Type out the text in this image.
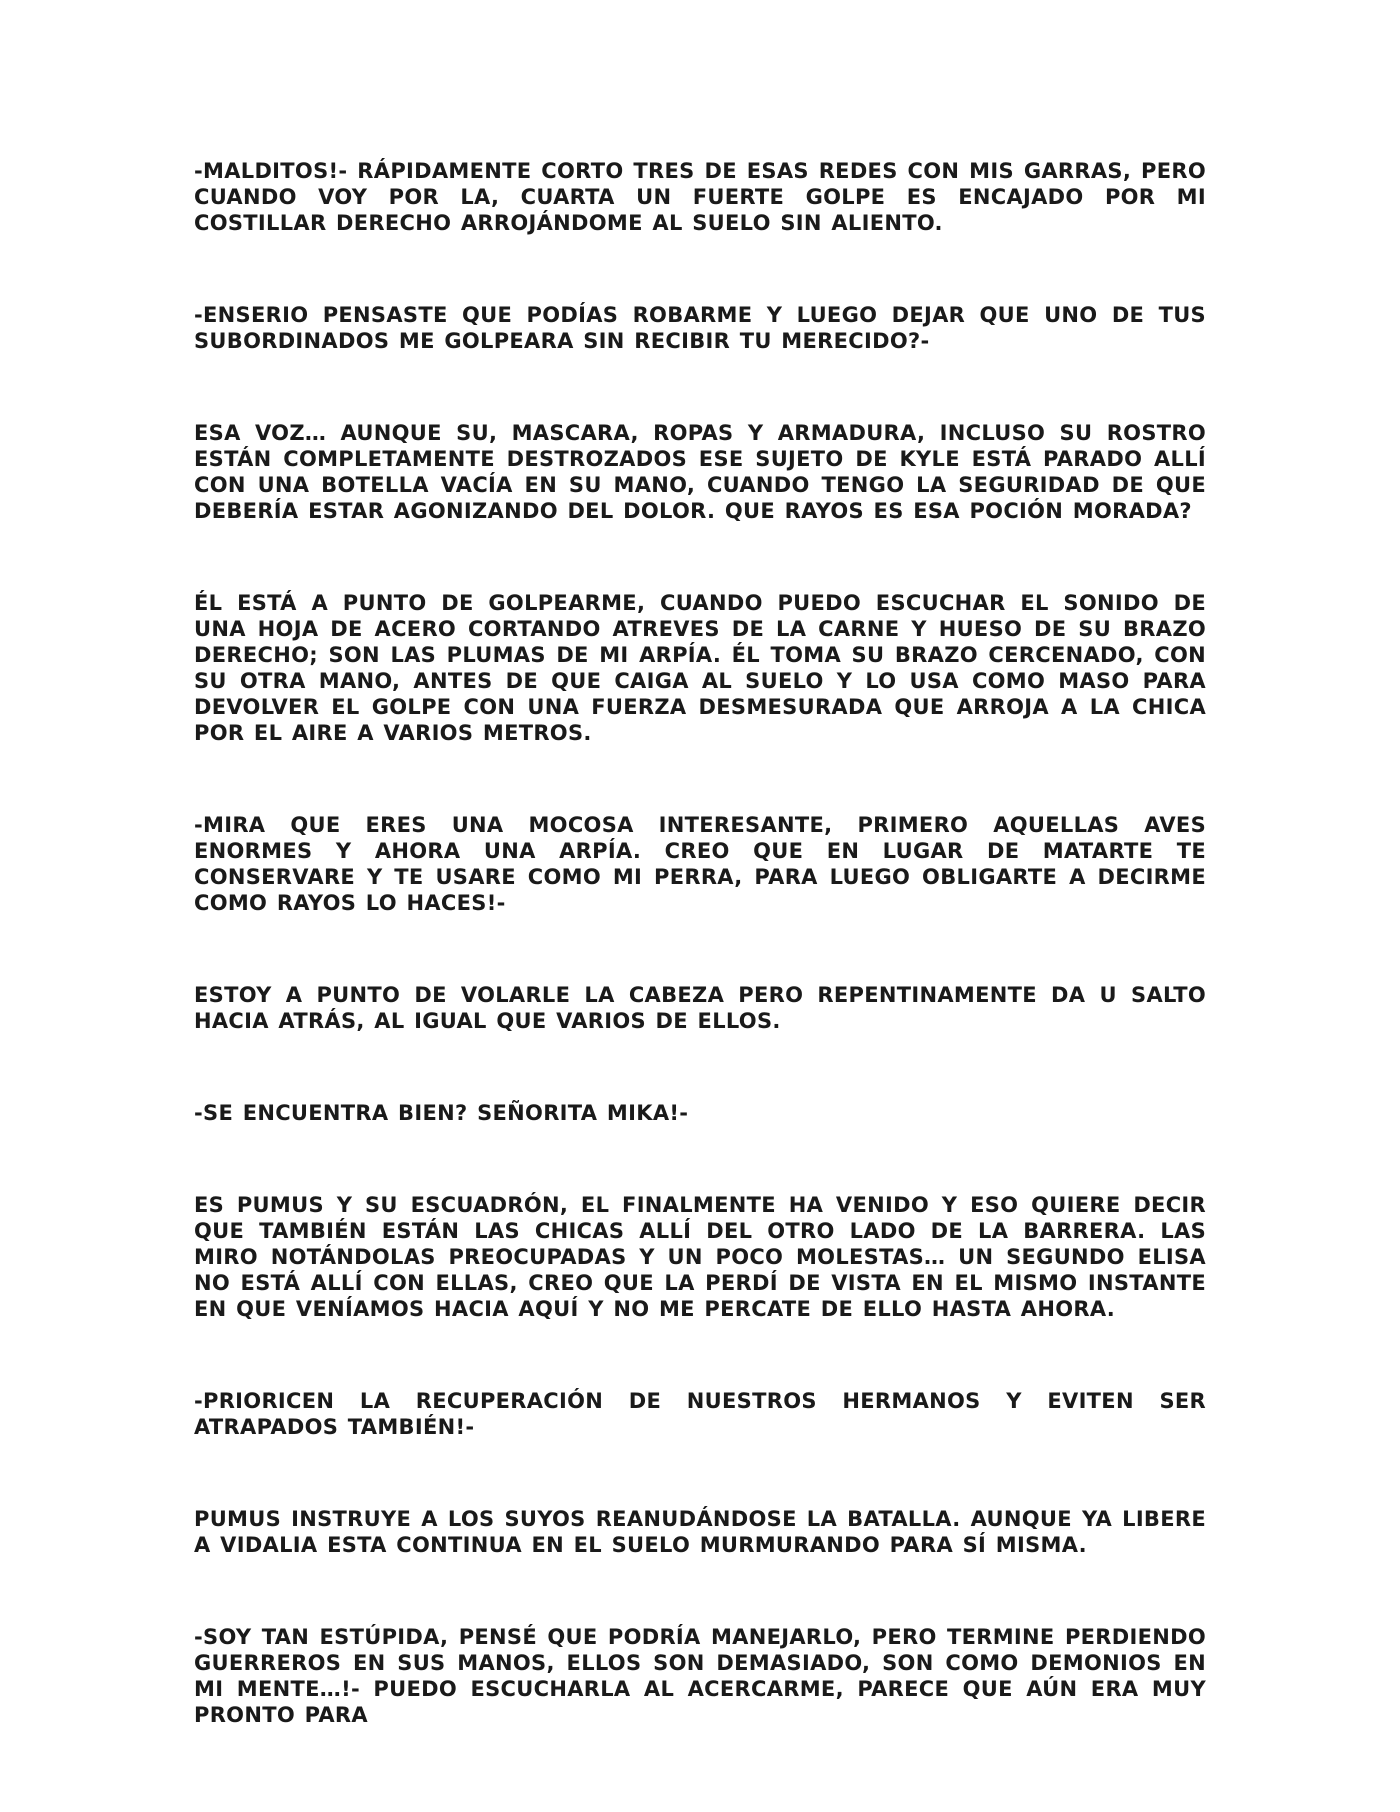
-MALDITOS!- RÁPIDAMENTE CORTO TRES DE ESAS REDES CON MIS GARRAS, PERO CUANDO VOY POR LA, CUARTA UN FUERTE GOLPE ES ENCAJADO POR MI COSTILLAR DERECHO ARROJÁNDOME AL SUELO SIN ALIENTO.

-ENSERIO PENSASTE QUE PODÍAS ROBARME Y LUEGO DEJAR QUE UNO DE TUS SUBORDINADOS ME GOLPEARA SIN RECIBIR TU MERECIDO?-

ESA VOZ… AUNQUE SU, MASCARA, ROPAS Y ARMADURA, INCLUSO SU ROSTRO ESTÁN COMPLETAMENTE DESTROZADOS ESE SUJETO DE KYLE ESTÁ PARADO ALLÍ CON UNA BOTELLA VACÍA EN SU MANO, CUANDO TENGO LA SEGURIDAD DE QUE DEBERÍA ESTAR AGONIZANDO DEL DOLOR. QUE RAYOS ES ESA POCIÓN MORADA?

ÉL ESTÁ A PUNTO DE GOLPEARME, CUANDO PUEDO ESCUCHAR EL SONIDO DE UNA HOJA DE ACERO CORTANDO ATREVES DE LA CARNE Y HUESO DE SU BRAZO DERECHO; SON LAS PLUMAS DE MI ARPÍA. ÉL TOMA SU BRAZO CERCENADO, CON SU OTRA MANO, ANTES DE QUE CAIGA AL SUELO Y LO USA COMO MASO PARA DEVOLVER EL GOLPE CON UNA FUERZA DESMESURADA QUE ARROJA A LA CHICA POR EL AIRE A VARIOS METROS.

-MIRA QUE ERES UNA MOCOSA INTERESANTE, PRIMERO AQUELLAS AVES ENORMES Y AHORA UNA ARPÍA. CREO QUE EN LUGAR DE MATARTE TE CONSERVARE Y TE USARE COMO MI PERRA, PARA LUEGO OBLIGARTE A DECIRME COMO RAYOS LO HACES!-

ESTOY A PUNTO DE VOLARLE LA CABEZA PERO REPENTINAMENTE DA U SALTO HACIA ATRÁS, AL IGUAL QUE VARIOS DE ELLOS.

-SE ENCUENTRA BIEN? SEÑORITA MIKA!-

ES PUMUS Y SU ESCUADRÓN, EL FINALMENTE HA VENIDO Y ESO QUIERE DECIR QUE TAMBIÉN ESTÁN LAS CHICAS ALLÍ DEL OTRO LADO DE LA BARRERA. LAS MIRO NOTÁNDOLAS PREOCUPADAS Y UN POCO MOLESTAS… UN SEGUNDO ELISA NO ESTÁ ALLÍ CON ELLAS, CREO QUE LA PERDÍ DE VISTA EN EL MISMO INSTANTE EN QUE VENÍAMOS HACIA AQUÍ Y NO ME PERCATE DE ELLO HASTA AHORA.

-PRIORICEN LA RECUPERACIÓN DE NUESTROS HERMANOS Y EVITEN SER ATRAPADOS TAMBIÉN!-

PUMUS INSTRUYE A LOS SUYOS REANUDÁNDOSE LA BATALLA. AUNQUE YA LIBERE A VIDALIA ESTA CONTINUA EN EL SUELO MURMURANDO PARA SÍ MISMA.

-SOY TAN ESTÚPIDA, PENSÉ QUE PODRÍA MANEJARLO, PERO TERMINE PERDIENDO GUERREROS EN SUS MANOS, ELLOS SON DEMASIADO, SON COMO DEMONIOS EN MI MENTE…!- PUEDO ESCUCHARLA AL ACERCARME, PARECE QUE AÚN ERA MUY PRONTO PARA
